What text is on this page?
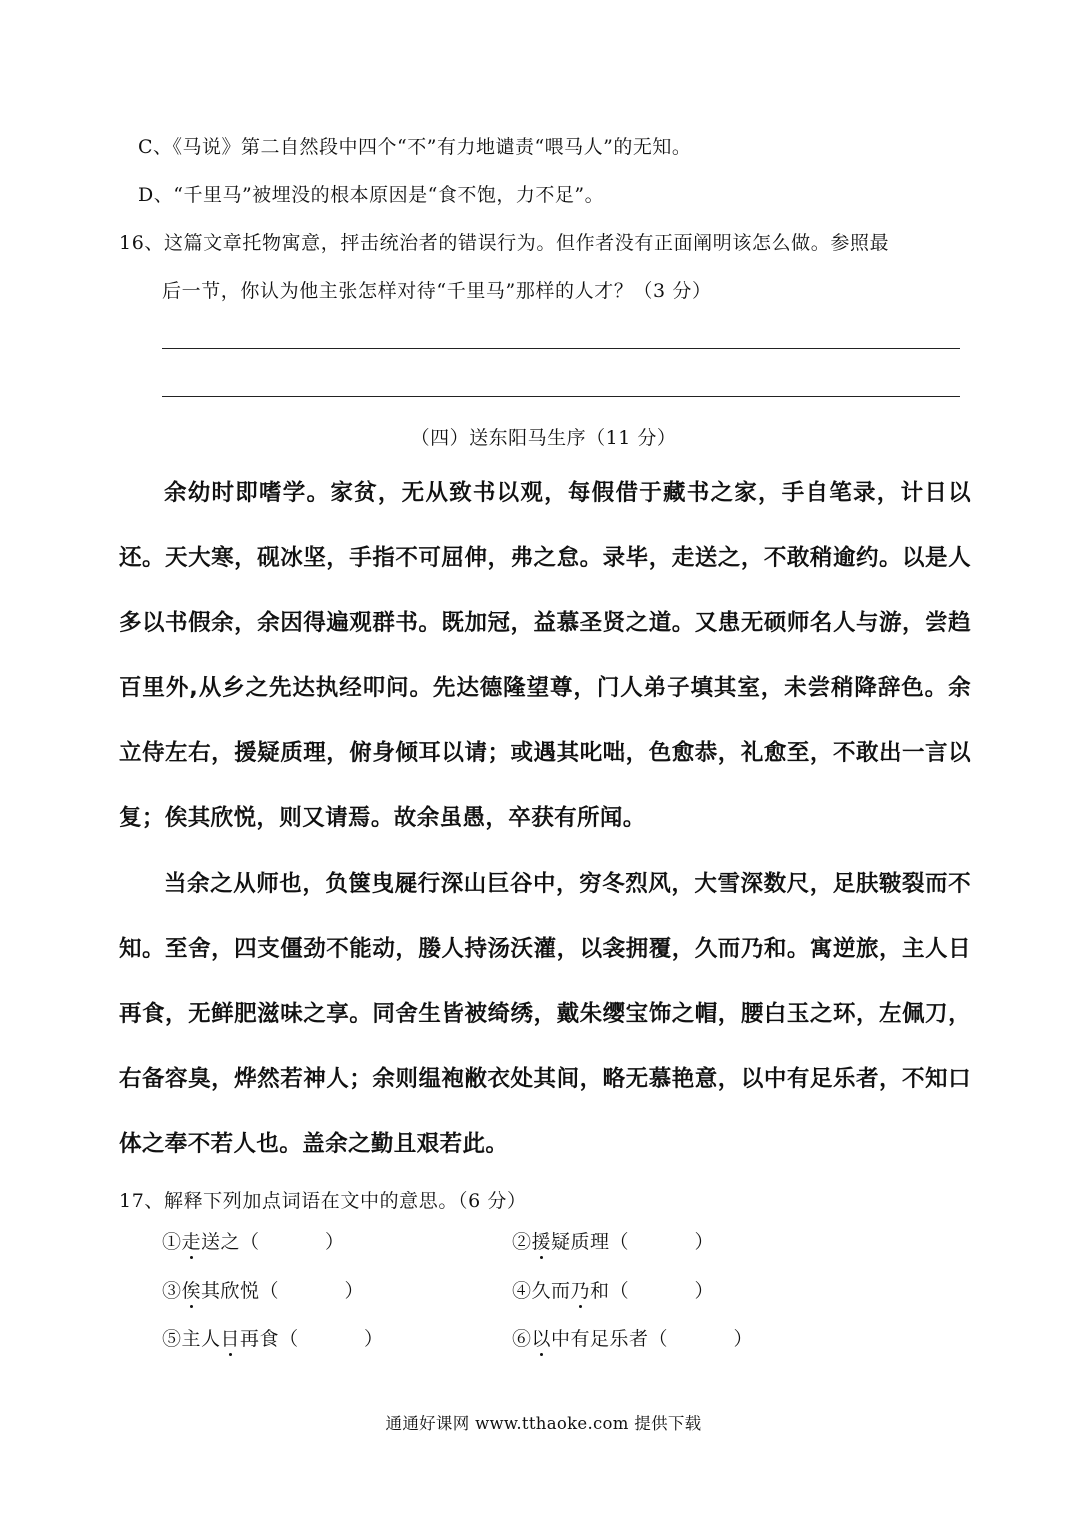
C、《马说》第二自然段中四个“不”有力地谴责“喂马人”的无知。
D、“千里马”被埋没的根本原因是“食不饱，力不足”。
16、这篇文章托物寓意，抨击统治者的错误行为。但作者没有正面阐明该怎么做。参照最
后一节，你认为他主张怎样对待“千里马”那样的人才？（3 分）
（四）送东阳马生序（11 分）
余幼时即嗜学。家贫，无从致书以观，每假借于藏书之家，手自笔录，计日以还。天大寒，砚冰坚，手指不可屈伸，弗之怠。录毕，走送之，不敢稍逾约。以是人多以书假余，余因得遍观群书。既加冠，益慕圣贤之道。又患无硕师名人与游，尝趋百里外,从乡之先达执经叩问。先达德隆望尊，门人弟子填其室，未尝稍降辞色。余立侍左右，援疑质理，俯身倾耳以请；或遇其叱咄，色愈恭，礼愈至，不敢出一言以复；俟其欣悦，则又请焉。故余虽愚，卒获有所闻。
当余之从师也，负箧曳屣行深山巨谷中，穷冬烈风，大雪深数尺，足肤皲裂而不知。至舍，四支僵劲不能动，媵人持汤沃灌，以衾拥覆，久而乃和。寓逆旅，主人日再食，无鲜肥滋味之享。同舍生皆被绮绣，戴朱缨宝饰之帽，腰白玉之环，左佩刀，右备容臭，烨然若神人；余则缊袍敝衣处其间，略无慕艳意，以中有足乐者，不知口体之奉不若人也。盖余之勤且艰若此。
17、解释下列加点词语在文中的意思。（6 分）
①走送之（          ）	②援疑质理（          ）
③俟其欣悦（          ）	④久而乃和（          ）
⑤主人日再食（          ）	⑥以中有足乐者（          ）
通通好课网 www.tthaoke.com 提供下载
